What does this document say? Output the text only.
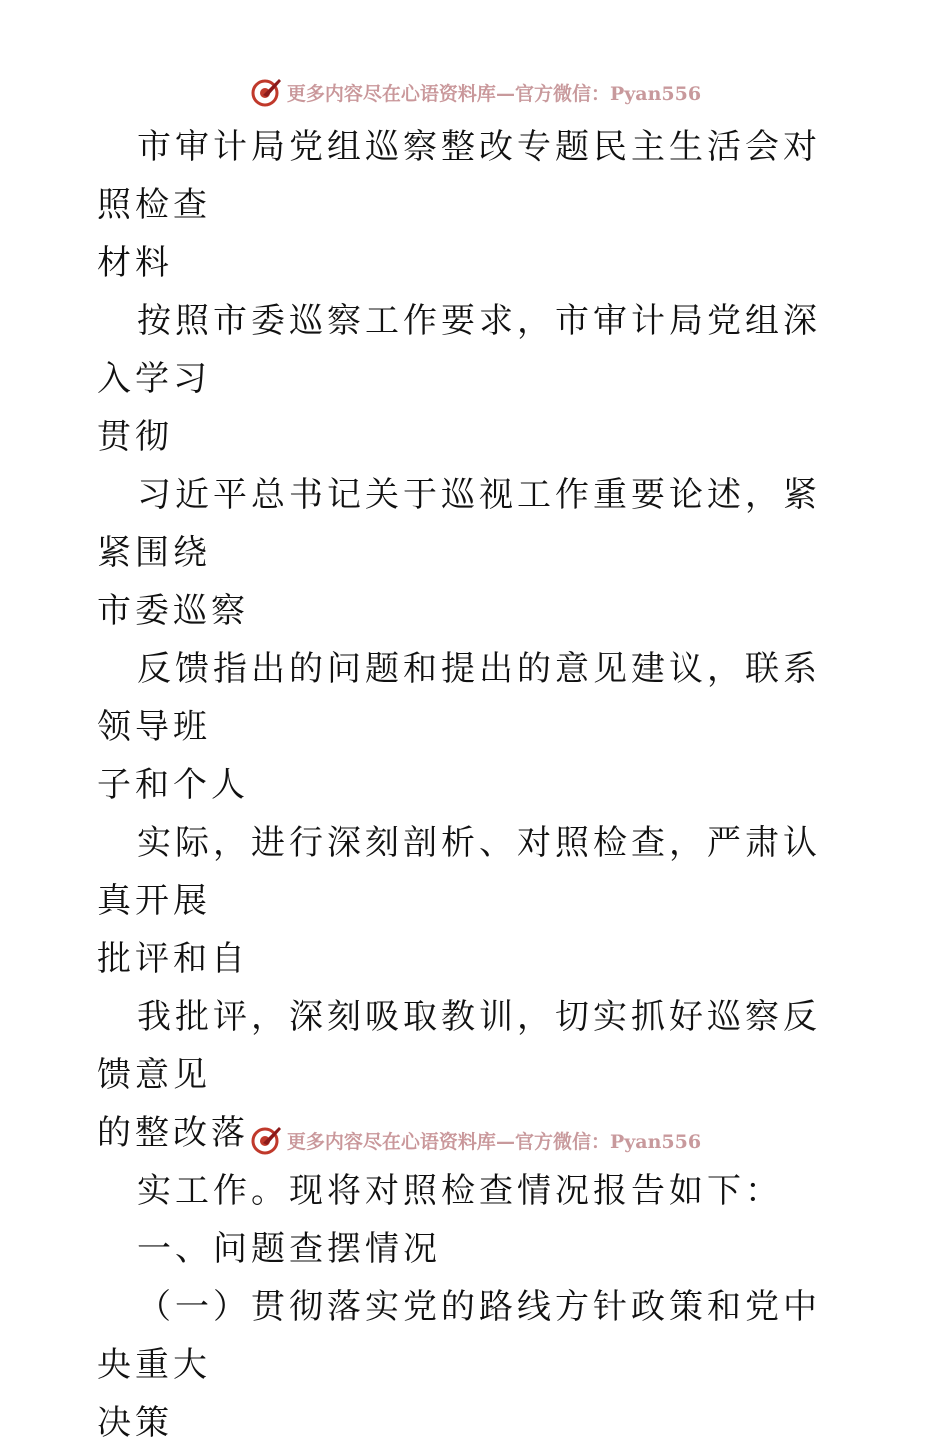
更多内容尽在心语资料库—官方微信：Pyan556

市审计局党组巡察整改专题民主生活会对照检查

材料

按照市委巡察工作要求，市审计局党组深入学习

贯彻

习近平总书记关于巡视工作重要论述，紧紧围绕

市委巡察

反馈指出的问题和提出的意见建议，联系领导班

子和个人

实际，进行深刻剖析、对照检查，严肃认真开展

批评和自

我批评，深刻吸取教训，切实抓好巡察反馈意见

的整改落

实工作。现将对照检查情况报告如下：

一、问题查摆情况

（一）贯彻落实党的路线方针政策和党中央重大

决策

更多内容尽在心语资料库—官方微信：Pyan556
